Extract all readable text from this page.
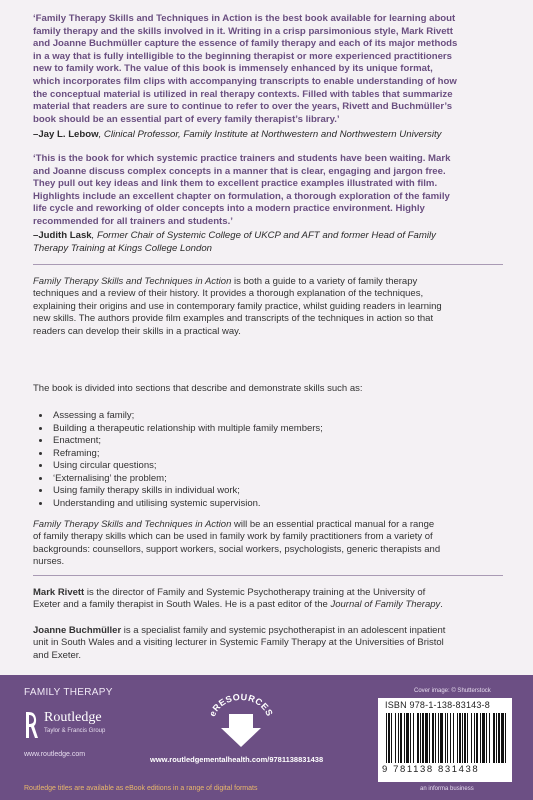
‘Family Therapy Skills and Techniques in Action is the best book available for learning about
family therapy and the skills involved in it. Writing in a crisp parsimonious style, Mark Rivett
and Joanne Buchmüller capture the essence of family therapy and each of its major methods
in a way that is fully intelligible to the beginning therapist or more experienced practitioners
new to family work. The value of this book is immensely enhanced by its unique format,
which incorporates film clips with accompanying transcripts to enable understanding of how
the conceptual material is utilized in real therapy contexts. Filled with tables that summarize
material that readers are sure to continue to refer to over the years, Rivett and Buchmüller’s
book should be an essential part of every family therapist’s library.’
–Jay L. Lebow, Clinical Professor, Family Institute at Northwestern and Northwestern University
‘This is the book for which systemic practice trainers and students have been waiting. Mark
and Joanne discuss complex concepts in a manner that is clear, engaging and jargon free.
They pull out key ideas and link them to excellent practice examples illustrated with film.
Highlights include an excellent chapter on formulation, a thorough exploration of the family
life cycle and reworking of older concepts into a modern practice environment. Highly
recommended for all trainers and students.’
–Judith Lask, Former Chair of Systemic College of UKCP and AFT and former Head of Family
Therapy Training at Kings College London
Family Therapy Skills and Techniques in Action is both a guide to a variety of family therapy
techniques and a review of their history. It provides a thorough explanation of the techniques,
explaining their origins and use in contemporary family practice, whilst guiding readers in learning
new skills. The authors provide film examples and transcripts of the techniques in action so that
readers can develop their skills in a practical way.
The book is divided into sections that describe and demonstrate skills such as:
• Assessing a family;
• Building a therapeutic relationship with multiple family members;
• Enactment;
• Reframing;
• Using circular questions;
• ‘Externalising’ the problem;
• Using family therapy skills in individual work;
• Understanding and utilising systemic supervision.
Family Therapy Skills and Techniques in Action will be an essential practical manual for a range
of family therapy skills which can be used in family work by family practitioners from a variety of
backgrounds: counsellors, support workers, social workers, psychologists, generic therapists and
nurses.
Mark Rivett is the director of Family and Systemic Psychotherapy training at the University of
Exeter and a family therapist in South Wales. He is a past editor of the Journal of Family Therapy.
Joanne Buchmüller is a specialist family and systemic psychotherapist in an adolescent inpatient
unit in South Wales and a visiting lecturer in Systemic Family Therapy at the Universities of Bristol
and Exeter.
FAMILY THERAPY
Routledge
Taylor & Francis Group
www.routledge.com
eRESOURCES
www.routledgementalhealth.com/9781138831438
Cover image: © Shutterstock
ISBN 978-1-138-83143-8
9 781138 831438
Routledge titles are available as eBook editions in a range of digital formats	an informa business
